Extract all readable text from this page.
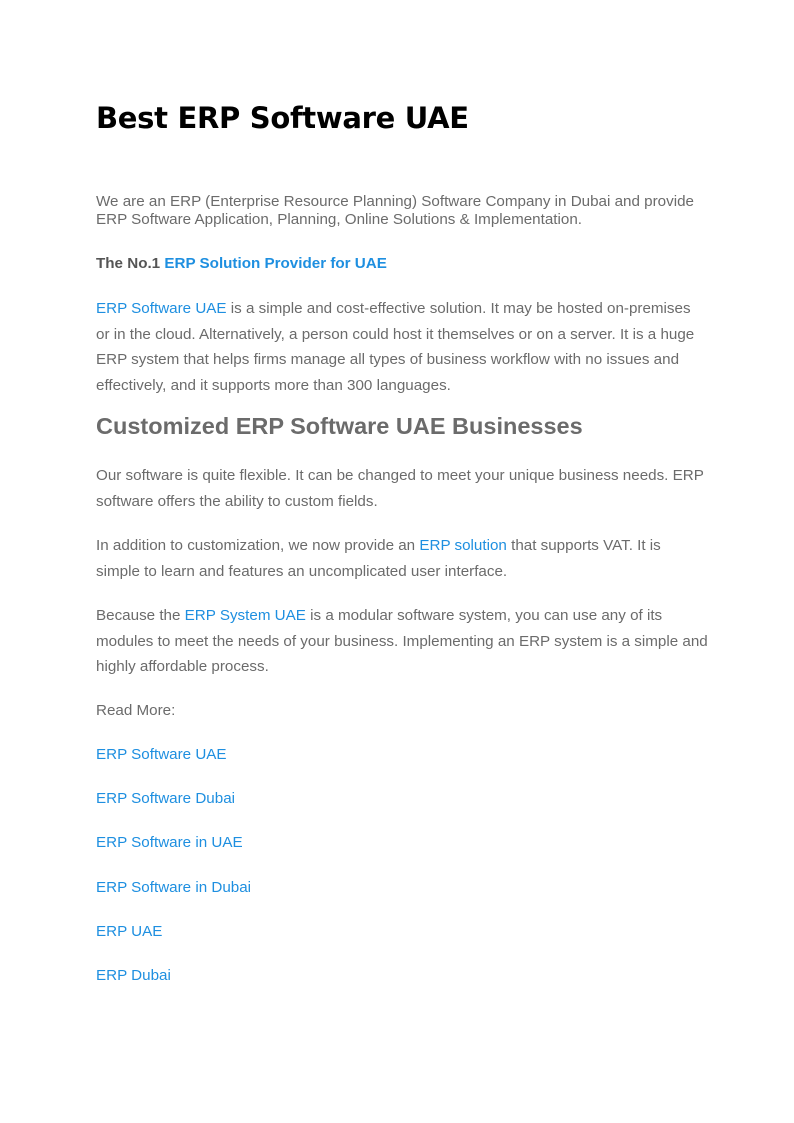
Best ERP Software UAE

We are an ERP (Enterprise Resource Planning) Software Company in Dubai and provide ERP Software Application, Planning, Online Solutions & Implementation.

The No.1 ERP Solution Provider for UAE

ERP Software UAE is a simple and cost-effective solution. It may be hosted on-premises or in the cloud. Alternatively, a person could host it themselves or on a server. It is a huge ERP system that helps firms manage all types of business workflow with no issues and effectively, and it supports more than 300 languages.

Customized ERP Software UAE Businesses

Our software is quite flexible. It can be changed to meet your unique business needs. ERP software offers the ability to custom fields.

In addition to customization, we now provide an ERP solution that supports VAT. It is simple to learn and features an uncomplicated user interface.

Because the ERP System UAE is a modular software system, you can use any of its modules to meet the needs of your business. Implementing an ERP system is a simple and highly affordable process.

Read More:

ERP Software UAE
ERP Software Dubai
ERP Software in UAE
ERP Software in Dubai
ERP UAE
ERP Dubai
